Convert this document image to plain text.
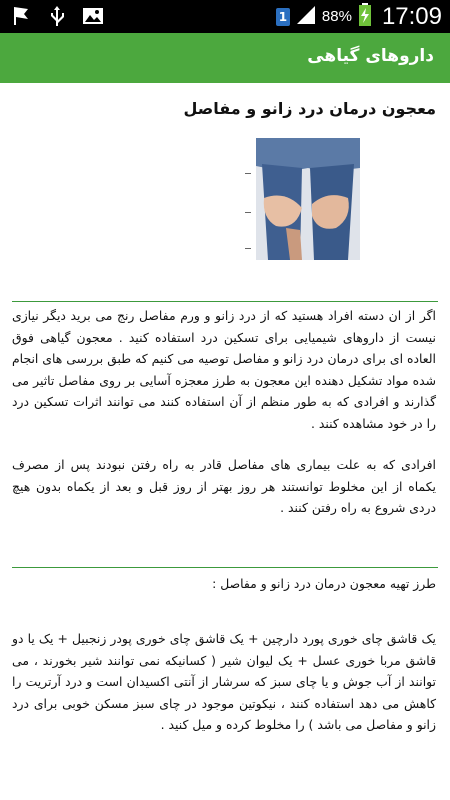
1 88% 17:09
داروهای گیاهی
معجون درمان درد زانو و مفاصل

اگر از ان دسته افراد هستید که از درد زانو و ورم مفاصل رنج می برید دیگر نیازی نیست از داروهای شیمیایی برای تسکین درد استفاده کنید . معجون گیاهی فوق العاده ای برای درمان درد زانو و مفاصل توصیه می کنیم که طبق بررسی های انجام شده مواد تشکیل دهنده این معجون به طرز معجزه آسایی بر روی مفاصل تاثیر می گذارند و افرادی که به طور منظم از آن استفاده کنند می توانند اثرات تسکین درد را در خود مشاهده کنند .

افرادی که به علت بیماری های مفاصل قادر به راه رفتن نبودند پس از مصرف یکماه از این مخلوط توانستند هر روز بهتر از روز قبل و بعد از یکماه بدون هیچ دردی شروع به راه رفتن کنند .

طرز تهیه معجون درمان درد زانو و مفاصل :

یک قاشق چای خوری پورد دارچین + یک قاشق چای خوری پودر زنجبیل + یک یا دو قاشق مربا خوری عسل + یک لیوان شیر ( کسانیکه نمی توانند شیر بخورند ، می توانند از آب جوش و یا چای سبز که سرشار از آنتی اکسیدان است و درد آرتریت را کاهش می دهد استفاده کنند ، نیکوتین موجود در چای سبز مسکن خوبی برای درد زانو و مفاصل می باشد ) را مخلوط کرده و میل کنید .
